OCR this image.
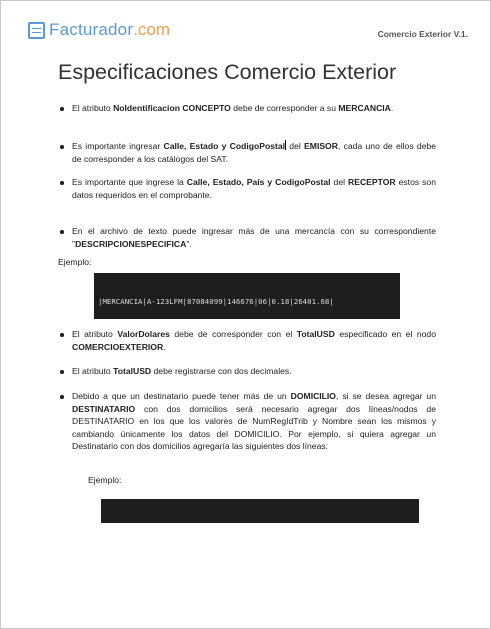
Facturador .com	Comercio Exterior V.1.
Especificaciones Comercio Exterior
El atributo NoIdentificacion CONCEPTO debe de corresponder a su MERCANCIA.
Es importante ingresar Calle, Estado y CodigoPostal del EMISOR, cada uno de ellos debe de corresponder a los catálogos del SAT.
Es importante que ingrese la Calle, Estado, País y CodigoPostal del RECEPTOR estos son datos requeridos en el comprobante.
En el archivo de texto puede ingresar más de una mercancía con su correspondiente "DESCRIPCIONESPECIFICA".
Ejemplo:

|MERCANCIA|A-123LFM|87084099|146676|06|0.18|26401.68|

El atributo ValorDolares debe de corresponder con el TotalUSD especificado en el nodo COMERCIOEXTERIOR.
El atributo TotalUSD debe registrarse con dos decimales.
Debido a que un destinatario puede tener más de un DOMICILIO, si se desea agregar un DESTINATARIO con dos domicilios será necesario agregar dos líneas/nodos de DESTINATARIO en los que los valores de NumRegIdTrib y Nombre sean los mismos y cambiando únicamente los datos del DOMICILIO. Por ejemplo, si quiera agregar un Destinatario con dos domicilios agregaría las siguientes dos líneas:
Ejemplo:
